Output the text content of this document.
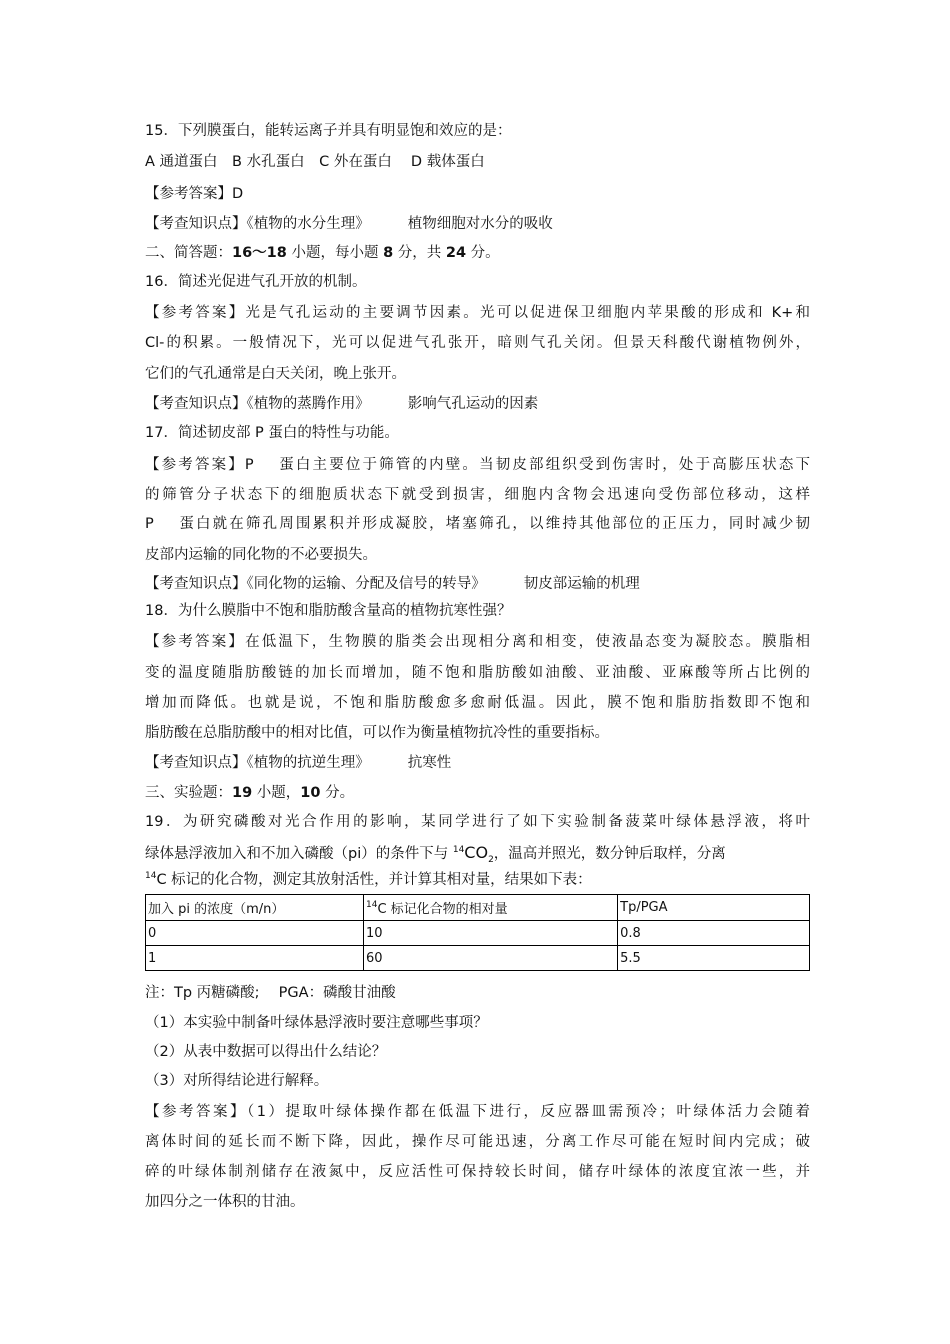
15．下列膜蛋白，能转运离子并具有明显饱和效应的是：
A 通道蛋白　B 水孔蛋白　C 外在蛋白　 D 载体蛋白
【参考答案】D
【考查知识点】《植物的水分生理》	植物细胞对水分的吸收
二、简答题：16～18 小题，每小题 8 分，共 24 分。
16．简述光促进气孔开放的机制。
【参考答案】光是气孔运动的主要调节因素。光可以促进保卫细胞内苹果酸的形成和 K+和
Cl-的积累。一般情况下，光可以促进气孔张开，暗则气孔关闭。但景天科酸代谢植物例外，
它们的气孔通常是白天关闭，晚上张开。
【考查知识点】《植物的蒸腾作用》	影响气孔运动的因素
17．简述韧皮部 P 蛋白的特性与功能。
【参考答案】P　 蛋白主要位于筛管的内壁。当韧皮部组织受到伤害时，处于高膨压状态下
的筛管分子状态下的细胞质状态下就受到损害，细胞内含物会迅速向受伤部位移动，这样
P　 蛋白就在筛孔周围累积并形成凝胶，堵塞筛孔，以维持其他部位的正压力，同时减少韧
皮部内运输的同化物的不必要损失。
【考查知识点】《同化物的运输、分配及信号的转导》	韧皮部运输的机理
18．为什么膜脂中不饱和脂肪酸含量高的植物抗寒性强？
【参考答案】在低温下，生物膜的脂类会出现相分离和相变，使液晶态变为凝胶态。膜脂相
变的温度随脂肪酸链的加长而增加，随不饱和脂肪酸如油酸、亚油酸、亚麻酸等所占比例的
增加而降低。也就是说，不饱和脂肪酸愈多愈耐低温。因此，膜不饱和脂肪指数即不饱和
脂肪酸在总脂肪酸中的相对比值，可以作为衡量植物抗冷性的重要指标。
【考查知识点】《植物的抗逆生理》	抗寒性
三、实验题：19 小题，10 分。
19．为研究磷酸对光合作用的影响，某同学进行了如下实验制备菠菜叶绿体悬浮液，将叶
绿体悬浮液加入和不加入磷酸（pi）的条件下与 $^{14}CO_2$，温高并照光，数分钟后取样，分离
$^{14}$C 标记的化合物，测定其放射活性，并计算其相对量，结果如下表：
加入 pi 的浓度（m/n）	$^{14}$C 标记化合物的相对量	Tp/PGA
0	10	0.8
1	60	5.5
注：Tp 丙糖磷酸;　 PGA：磷酸甘油酸
（1）本实验中制备叶绿体悬浮液时要注意哪些事项？
（2）从表中数据可以得出什么结论？
（3）对所得结论进行解释。
【参考答案】（1）提取叶绿体操作都在低温下进行，反应器皿需预冷；叶绿体活力会随着
离体时间的延长而不断下降，因此，操作尽可能迅速，分离工作尽可能在短时间内完成；破
碎的叶绿体制剂储存在液氮中，反应活性可保持较长时间，储存叶绿体的浓度宜浓一些，并
加四分之一体积的甘油。
